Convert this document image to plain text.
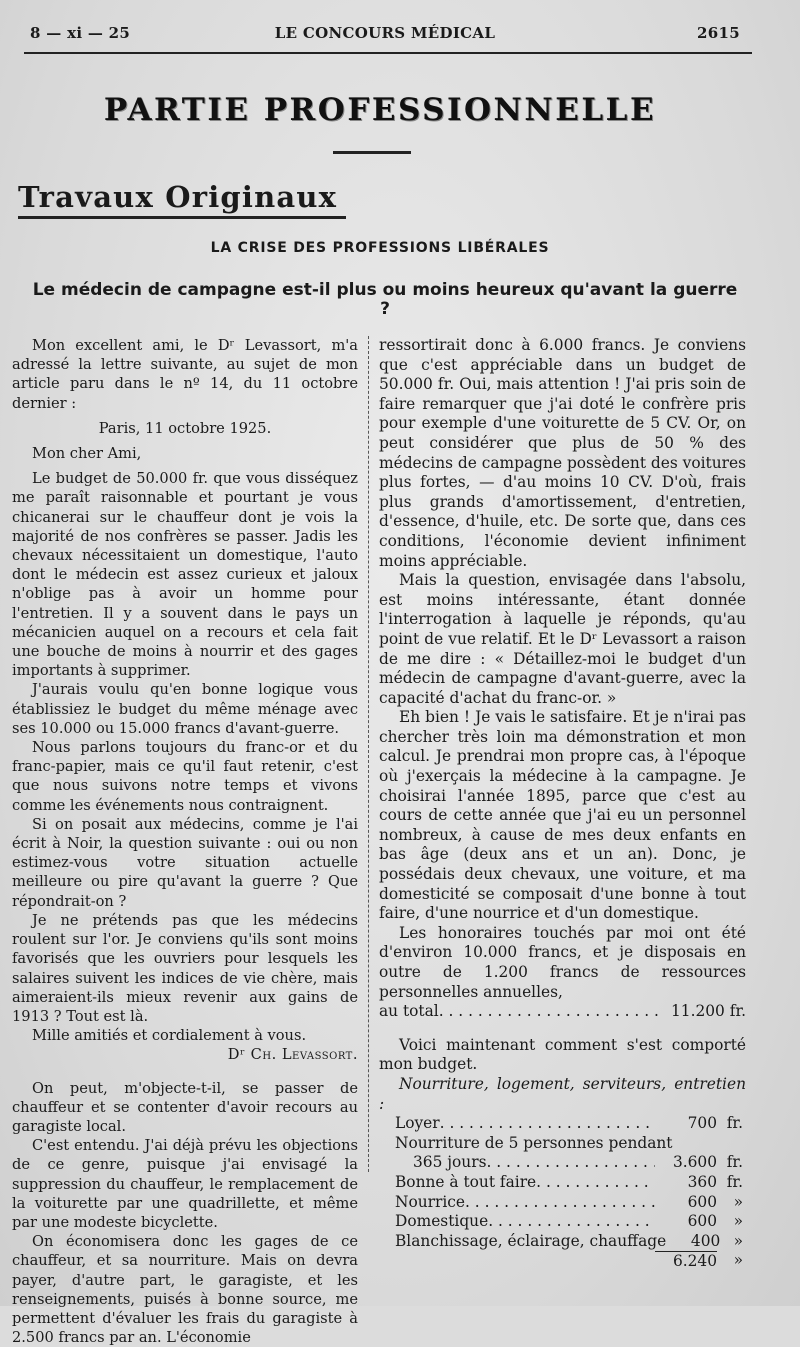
8 — xi — 25	LE CONCOURS MÉDICAL	2615
PARTIE PROFESSIONNELLE
Travaux Originaux
LA CRISE DES PROFESSIONS LIBÉRALES
Le médecin de campagne est-il plus ou moins heureux qu'avant la guerre ?

Mon excellent ami, le Dʳ Levassort, m'a adressé la lettre suivante, au sujet de mon article paru dans le nº 14, du 11 octobre dernier :

Paris, 11 octobre 1925.

Mon cher Ami,

Le budget de 50.000 fr. que vous disséquez me paraît raisonnable et pourtant je vous chicanerai sur le chauffeur dont je vois la majorité de nos confrères se passer. Jadis les chevaux nécessitaient un domestique, l'auto dont le médecin est assez curieux et jaloux n'oblige pas à avoir un homme pour l'entretien. Il y a souvent dans le pays un mécanicien auquel on a recours et cela fait une bouche de moins à nourrir et des gages importants à supprimer.

J'aurais voulu qu'en bonne logique vous établissiez le budget du même ménage avec ses 10.000 ou 15.000 francs d'avant-guerre.

Nous parlons toujours du franc-or et du franc-papier, mais ce qu'il faut retenir, c'est que nous suivons notre temps et vivons comme les événements nous contraignent.

Si on posait aux médecins, comme je l'ai écrit à Noir, la question suivante : oui ou non estimez-vous votre situation actuelle meilleure ou pire qu'avant la guerre ? Que répondrait-on ?

Je ne prétends pas que les médecins roulent sur l'or. Je conviens qu'ils sont moins favorisés que les ouvriers pour lesquels les salaires suivent les indices de vie chère, mais aimeraient-ils mieux revenir aux gains de 1913 ? Tout est là.

Mille amitiés et cordialement à vous.

Dʳ Ch. Levassort.

On peut, m'objecte-t-il, se passer de chauffeur et se contenter d'avoir recours au garagiste local.

C'est entendu. J'ai déjà prévu les objections de ce genre, puisque j'ai envisagé la suppression du chauffeur, le remplacement de la voiturette par une quadrillette, et même par une modeste bicyclette.

On économisera donc les gages de ce chauffeur, et sa nourriture. Mais on devra payer, d'autre part, le garagiste, et les renseignements, puisés à bonne source, me permettent d'évaluer les frais du garagiste à 2.500 francs par an. L'économie

ressortirait donc à 6.000 francs. Je conviens que c'est appréciable dans un budget de 50.000 fr. Oui, mais attention ! J'ai pris soin de faire remarquer que j'ai doté le confrère pris pour exemple d'une voiturette de 5 CV. Or, on peut considérer que plus de 50 % des médecins de campagne possèdent des voitures plus fortes, — d'au moins 10 CV. D'où, frais plus grands d'amortissement, d'entretien, d'essence, d'huile, etc. De sorte que, dans ces conditions, l'économie devient infiniment moins appréciable.

Mais la question, envisagée dans l'absolu, est moins intéressante, étant donnée l'interrogation à laquelle je réponds, qu'au point de vue relatif. Et le Dʳ Levassort a raison de me dire : « Détaillez-moi le budget d'un médecin de campagne d'avant-guerre, avec la capacité d'achat du franc-or. »

Eh bien ! Je vais le satisfaire. Et je n'irai pas chercher très loin ma démonstration et mon calcul. Je prendrai mon propre cas, à l'époque où j'exerçais la médecine à la campagne. Je choisirai l'année 1895, parce que c'est au cours de cette année que j'ai eu un personnel nombreux, à cause de mes deux enfants en bas âge (deux ans et un an). Donc, je possédais deux chevaux, une voiture, et ma domesticité se composait d'une bonne à tout faire, d'une nourrice et d'un domestique.

Les honoraires touchés par moi ont été d'environ 10.000 francs, et je disposais en outre de 1.200 francs de ressources personnelles annuelles,

au total . . .	11.200 fr.

Voici maintenant comment s'est comporté mon budget.

Nourriture, logement, serviteurs, entretien :

Loyer . . .	700 fr.
Nourriture de 5 personnes pendant
365 jours . . .	3.600 fr.
Bonne à tout faire . . .	360 fr.
Nourrice . . .	600	»
Domestique . . .	600	»
Blanchissage, éclairage, chauffage	400 »
6.240	»
